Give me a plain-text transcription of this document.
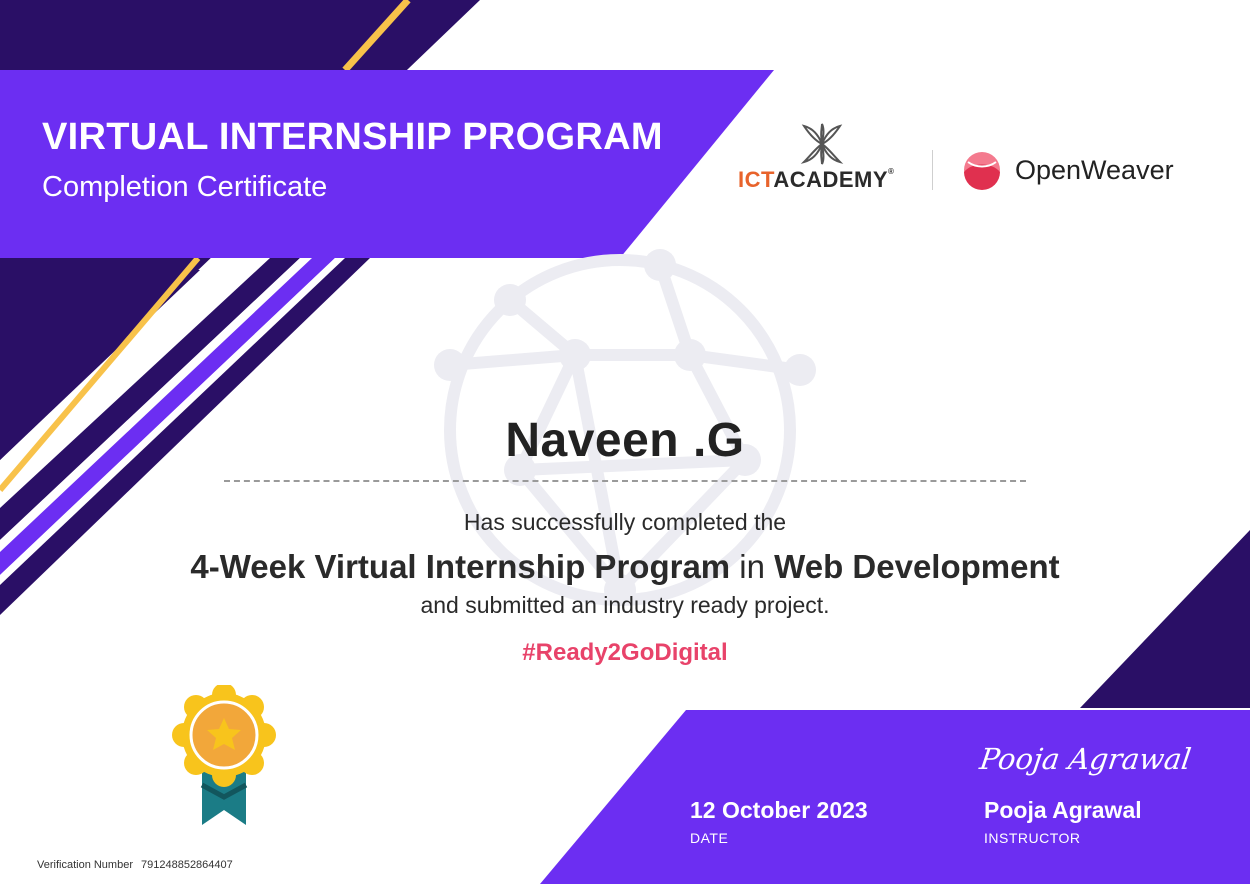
VIRTUAL INTERNSHIP PROGRAM
Completion Certificate	ICTACADEMY®	OpenWeaver
Naveen .G
Has successfully completed the
4-Week Virtual Internship Program in Web Development
and submitted an industry ready project.
#Ready2GoDigital
12 October 2023
DATE
Pooja Agrawal
Pooja Agrawal
INSTRUCTOR
Verification Number 791248852864407
